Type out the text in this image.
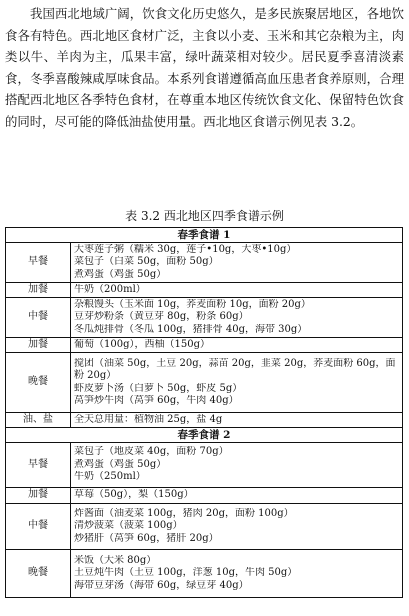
我国西北地域广阔，饮食文化历史悠久，是多民族聚居地区，各地饮食各有特色。西北地区食材广泛，主食以小麦、玉米和其它杂粮为主，肉类以牛、羊肉为主，瓜果丰富，绿叶蔬菜相对较少。居民夏季喜清淡素食，冬季喜酸辣咸厚味食品。本系列食谱遵循高血压患者食养原则，合理搭配西北地区各季特色食材，在尊重本地区传统饮食文化、保留特色饮食的同时，尽可能的降低油盐使用量。西北地区食谱示例见表 3.2。

表 3.2 西北地区四季食谱示例
春季食谱 1	
早餐	大枣莲子粥（糯米 30g，莲子•10g，大枣•10g）
菜包子（白菜 50g，面粉 50g）
煮鸡蛋（鸡蛋 50g）

加餐	牛奶（200ml）

中餐	杂粮馒头（玉米面 10g，荞麦面粉 10g，面粉 20g）
豆芽炒粉条（黄豆芽 80g，粉条 60g）
冬瓜炖排骨（冬瓜 100g，猪排骨 40g，海带 30g）

加餐	葡萄（100g），西柚（150g）

晚餐	搅团（油菜 50g，土豆 20g，蒜苗 20g，韭菜 20g，荞麦面粉 60g，面粉 20g）
虾皮萝卜汤（白萝卜 50g，虾皮 5g）
莴笋炒牛肉（莴笋 60g，牛肉 40g）

油、盐	全天总用量：植物油 25g，盐 4g

春季食谱 2	
早餐	菜包子（地皮菜 40g，面粉 70g）
煮鸡蛋（鸡蛋 50g）
牛奶（250ml）

加餐	草莓（50g），梨（150g）

中餐	炸酱面（油麦菜 100g，猪肉 20g，面粉 100g）
清炒菠菜（菠菜 100g）
炒猪肝（莴笋 60g，猪肝 20g）

晚餐	米饭（大米 80g）
土豆炖牛肉（土豆 100g，洋葱 10g，牛肉 50g）
海带豆芽汤（海带 60g，绿豆芽 40g）
